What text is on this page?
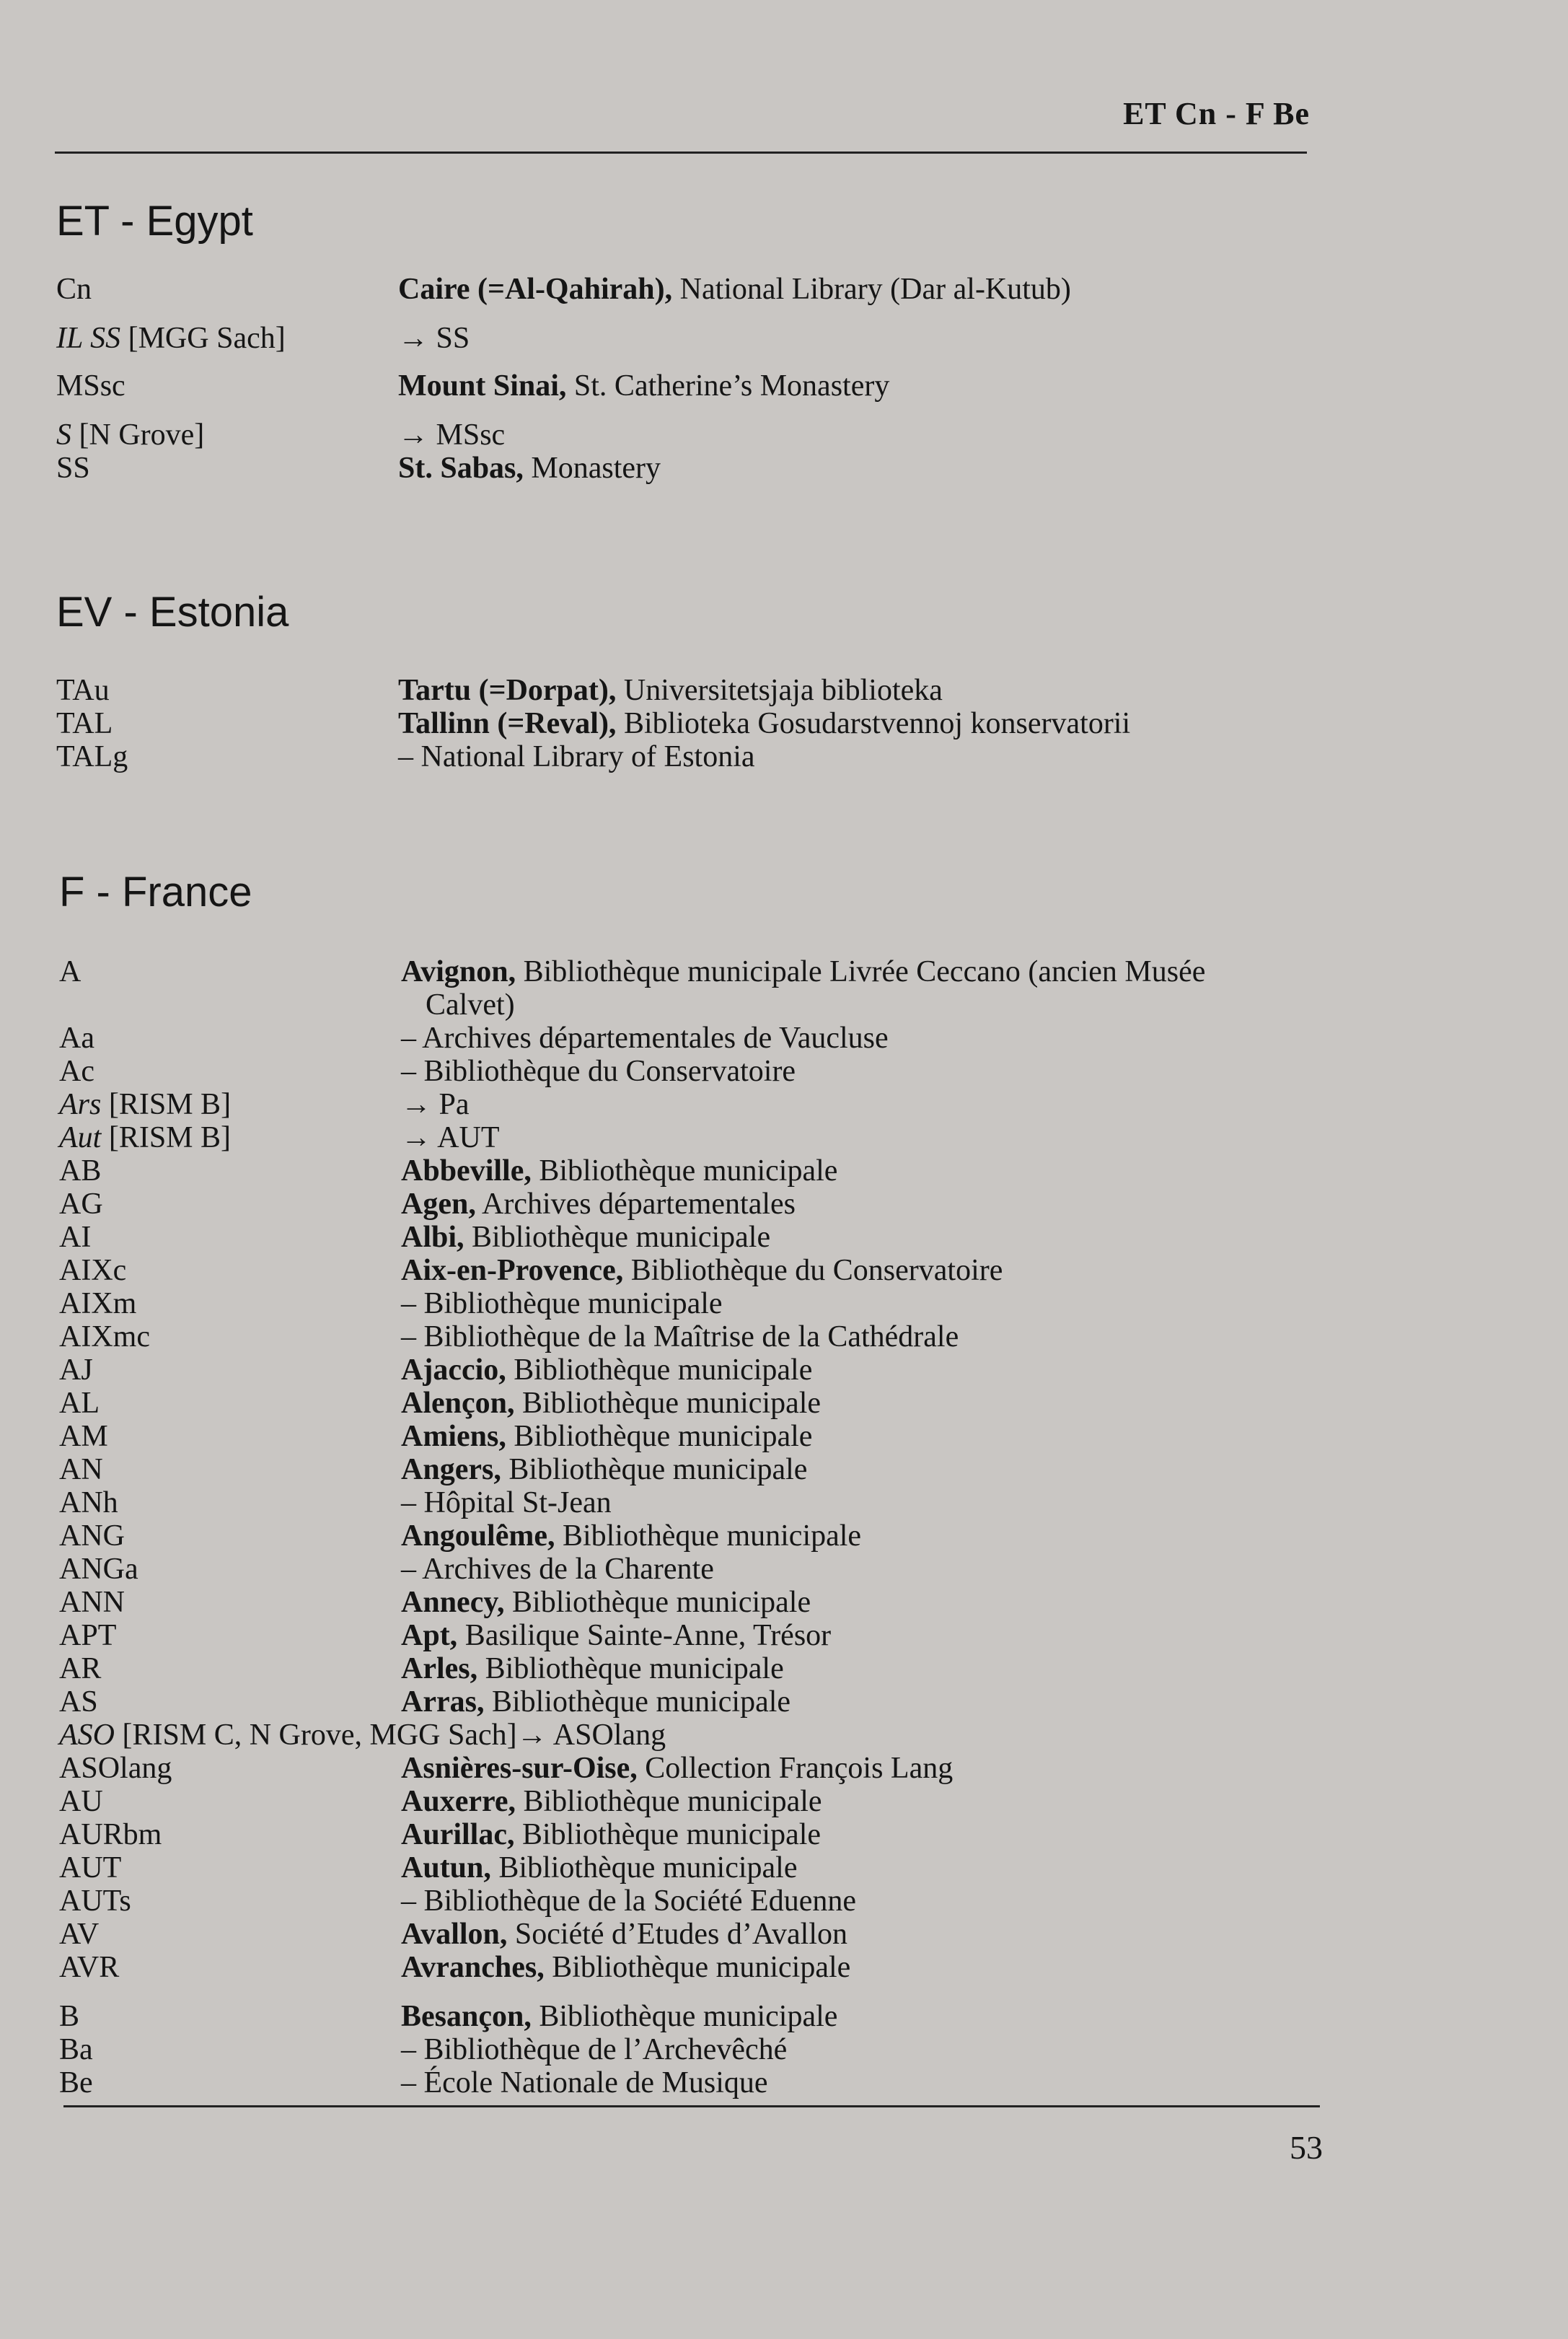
ET Cn - F Be
ET - Egypt
Cn	Caire (=Al-Qahirah), National Library (Dar al-Kutub)
IL SS [MGG Sach]	→ SS
MSsc	Mount Sinai, St. Catherine’s Monastery
S [N Grove]	→ MSsc
SS	St. Sabas, Monastery
EV - Estonia
TAu	Tartu (=Dorpat), Universitetsjaja biblioteka
TAL	Tallinn (=Reval), Biblioteka Gosudarstvennoj konservatorii
TALg	– National Library of Estonia
F - France
A	Avignon, Bibliothèque municipale Livrée Ceccano (ancien Musée
Calvet)
Aa	– Archives départementales de Vaucluse
Ac	– Bibliothèque du Conservatoire
Ars [RISM B]	→ Pa
Aut [RISM B]	→ AUT
AB	Abbeville, Bibliothèque municipale
AG	Agen, Archives départementales
AI	Albi, Bibliothèque municipale
AIXc	Aix-en-Provence, Bibliothèque du Conservatoire
AIXm	– Bibliothèque municipale
AIXmc	– Bibliothèque de la Maîtrise de la Cathédrale
AJ	Ajaccio, Bibliothèque municipale
AL	Alençon, Bibliothèque municipale
AM	Amiens, Bibliothèque municipale
AN	Angers, Bibliothèque municipale
ANh	– Hôpital St-Jean
ANG	Angoulême, Bibliothèque municipale
ANGa	– Archives de la Charente
ANN	Annecy, Bibliothèque municipale
APT	Apt, Basilique Sainte-Anne, Trésor
AR	Arles, Bibliothèque municipale
AS	Arras, Bibliothèque municipale
ASO [RISM C, N Grove, MGG Sach]→ ASOlang
ASOlang	Asnières-sur-Oise, Collection François Lang
AU	Auxerre, Bibliothèque municipale
AURbm	Aurillac, Bibliothèque municipale
AUT	Autun, Bibliothèque municipale
AUTs	– Bibliothèque de la Société Eduenne
AV	Avallon, Société d’Etudes d’Avallon
AVR	Avranches, Bibliothèque municipale
B	Besançon, Bibliothèque municipale
Ba	– Bibliothèque de l’Archevêché
Be	– École Nationale de Musique
53
